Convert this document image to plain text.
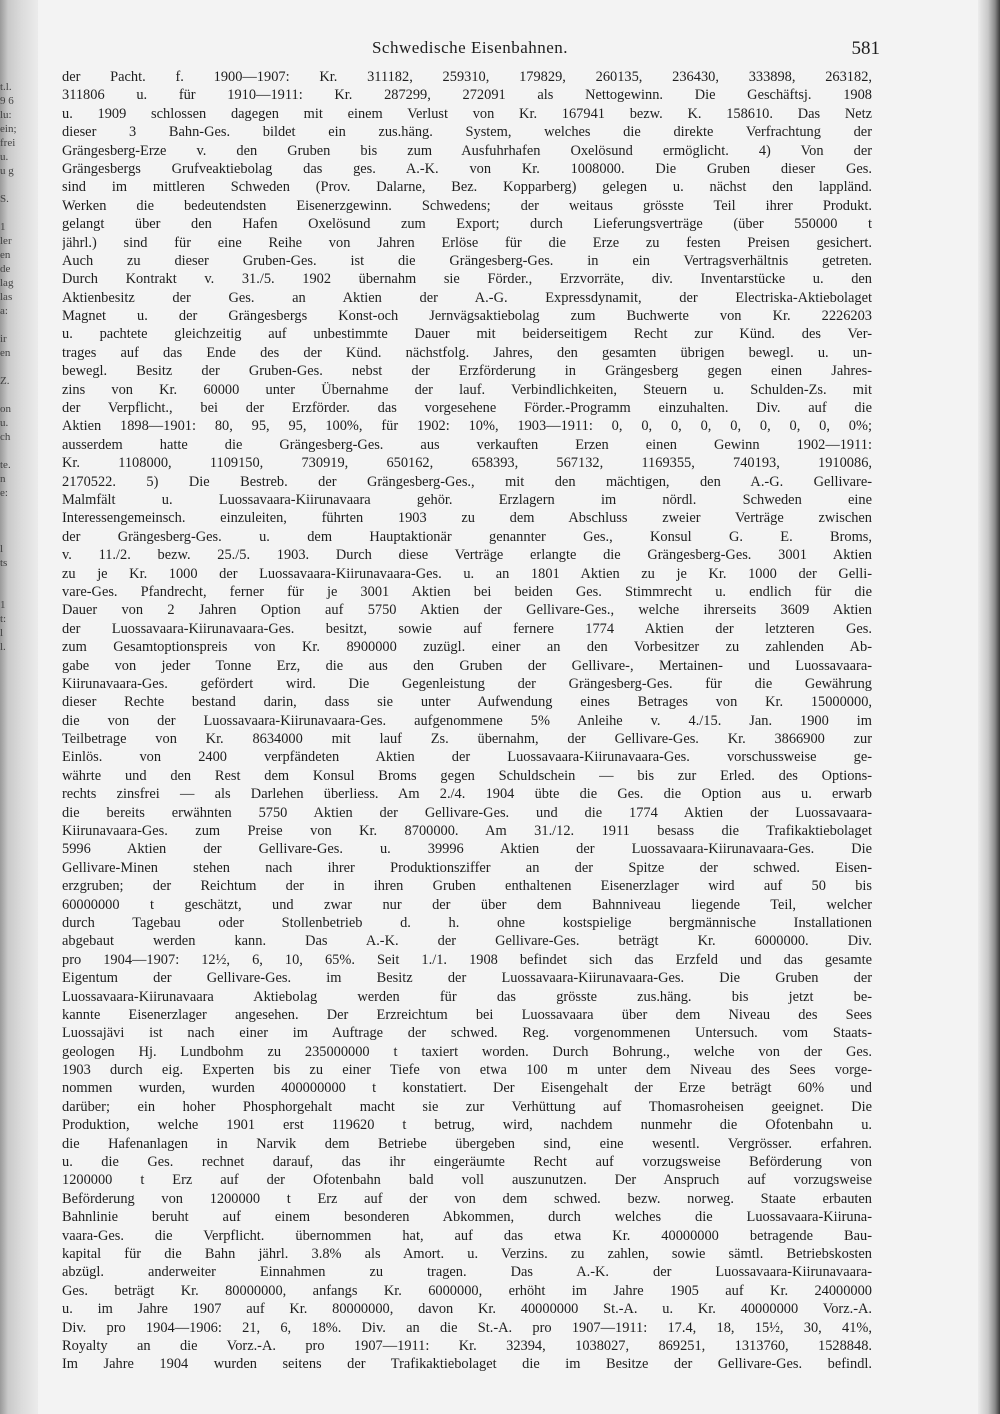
t.l.
9 6
lu:
ein;
frei
u.
u g
S.
1
ler
en
de
lag
las
a:
ir
en
Z.
on
u.
ch
te.
n
e:
l
ts
1
t:
l
l.
Schwedische Eisenbahnen.	581
der Pacht. f. 1900—1907: Kr. 311182, 259310, 179829, 260135, 236430, 333898, 263182,
311806 u. für 1910—1911: Kr. 287299, 272091 als Nettogewinn. Die Geschäftsj. 1908
u. 1909 schlossen dagegen mit einem Verlust von Kr. 167941 bezw. K. 158610. Das Netz
dieser 3 Bahn-Ges. bildet ein zus.häng. System, welches die direkte Verfrachtung der
Grängesberg-Erze v. den Gruben bis zum Ausfuhrhafen Oxelösund ermöglicht. 4) Von der
Grängesbergs Grufveaktiebolag das ges. A.-K. von Kr. 1008000. Die Gruben dieser Ges.
sind im mittleren Schweden (Prov. Dalarne, Bez. Kopparberg) gelegen u. nächst den lappländ.
Werken die bedeutendsten Eisenerzgewinn. Schwedens; der weitaus grösste Teil ihrer Produkt.
gelangt über den Hafen Oxelösund zum Export; durch Lieferungsverträge (über 550000 t
jährl.) sind für eine Reihe von Jahren Erlöse für die Erze zu festen Preisen gesichert.
Auch zu dieser Gruben-Ges. ist die Grängesberg-Ges. in ein Vertragsverhältnis getreten.
Durch Kontrakt v. 31./5. 1902 übernahm sie Förder., Erzvorräte, div. Inventarstücke u. den
Aktienbesitz der Ges. an Aktien der A.-G. Expressdynamit, der Electriska-Aktiebolaget
Magnet u. der Grängesbergs Konst-och Jernvägsaktiebolag zum Buchwerte von Kr. 2226203
u. pachtete gleichzeitig auf unbestimmte Dauer mit beiderseitigem Recht zur Künd. des Ver-
trages auf das Ende des der Künd. nächstfolg. Jahres, den gesamten übrigen bewegl. u. un-
bewegl. Besitz der Gruben-Ges. nebst der Erzförderung in Grängesberg gegen einen Jahres-
zins von Kr. 60000 unter Übernahme der lauf. Verbindlichkeiten, Steuern u. Schulden-Zs. mit
der Verpflicht., bei der Erzförder. das vorgesehene Förder.-Programm einzuhalten. Div. auf die
Aktien 1898—1901: 80, 95, 95, 100%, für 1902: 10%, 1903—1911: 0, 0, 0, 0, 0, 0, 0, 0, 0%;
ausserdem hatte die Grängesberg-Ges. aus verkauften Erzen einen Gewinn 1902—1911:
Kr. 1108000, 1109150, 730919, 650162, 658393, 567132, 1169355, 740193, 1910086,
2170522. 5) Die Bestreb. der Grängesberg-Ges., mit den mächtigen, den A.-G. Gellivare-
Malmfält u. Luossavaara-Kiirunavaara gehör. Erzlagern im nördl. Schweden eine
Interessengemeinsch. einzuleiten, führten 1903 zu dem Abschluss zweier Verträge zwischen
der Grängesberg-Ges. u. dem Hauptaktionär genannter Ges., Konsul G. E. Broms,
v. 11./2. bezw. 25./5. 1903. Durch diese Verträge erlangte die Grängesberg-Ges. 3001 Aktien
zu je Kr. 1000 der Luossavaara-Kiirunavaara-Ges. u. an 1801 Aktien zu je Kr. 1000 der Gelli-
vare-Ges. Pfandrecht, ferner für je 3001 Aktien bei beiden Ges. Stimmrecht u. endlich für die
Dauer von 2 Jahren Option auf 5750 Aktien der Gellivare-Ges., welche ihrerseits 3609 Aktien
der Luossavaara-Kiirunavaara-Ges. besitzt, sowie auf fernere 1774 Aktien der letzteren Ges.
zum Gesamtoptionspreis von Kr. 8900000 zuzügl. einer an den Vorbesitzer zu zahlenden Ab-
gabe von jeder Tonne Erz, die aus den Gruben der Gellivare-, Mertainen- und Luossavaara-
Kiirunavaara-Ges. gefördert wird. Die Gegenleistung der Grängesberg-Ges. für die Gewährung
dieser Rechte bestand darin, dass sie unter Aufwendung eines Betrages von Kr. 15000000,
die von der Luossavaara-Kiirunavaara-Ges. aufgenommene 5% Anleihe v. 4./15. Jan. 1900 im
Teilbetrage von Kr. 8634000 mit lauf Zs. übernahm, der Gellivare-Ges. Kr. 3866900 zur
Einlös. von 2400 verpfändeten Aktien der Luossavaara-Kiirunavaara-Ges. vorschussweise ge-
währte und den Rest dem Konsul Broms gegen Schuldschein — bis zur Erled. des Options-
rechts zinsfrei — als Darlehen überliess. Am 2./4. 1904 übte die Ges. die Option aus u. erwarb
die bereits erwähnten 5750 Aktien der Gellivare-Ges. und die 1774 Aktien der Luossavaara-
Kiirunavaara-Ges. zum Preise von Kr. 8700000. Am 31./12. 1911 besass die Trafikaktiebolaget
5996 Aktien der Gellivare-Ges. u. 39996 Aktien der Luossavaara-Kiirunavaara-Ges. Die
Gellivare-Minen stehen nach ihrer Produktionsziffer an der Spitze der schwed. Eisen-
erzgruben; der Reichtum der in ihren Gruben enthaltenen Eisenerzlager wird auf 50 bis
60000000 t geschätzt, und zwar nur der über dem Bahnniveau liegende Teil, welcher
durch Tagebau oder Stollenbetrieb d. h. ohne kostspielige bergmännische Installationen
abgebaut werden kann. Das A.-K. der Gellivare-Ges. beträgt Kr. 6000000. Div.
pro 1904—1907: 12½, 6, 10, 65%. Seit 1./1. 1908 befindet sich das Erzfeld und das gesamte
Eigentum der Gellivare-Ges. im Besitz der Luossavaara-Kiirunavaara-Ges. Die Gruben der
Luossavaara-Kiirunavaara Aktiebolag werden für das grösste zus.häng. bis jetzt be-
kannte Eisenerzlager angesehen. Der Erzreichtum bei Luossavaara über dem Niveau des Sees
Luossajävi ist nach einer im Auftrage der schwed. Reg. vorgenommenen Untersuch. vom Staats-
geologen Hj. Lundbohm zu 235000000 t taxiert worden. Durch Bohrung., welche von der Ges.
1903 durch eig. Experten bis zu einer Tiefe von etwa 100 m unter dem Niveau des Sees vorge-
nommen wurden, wurden 400000000 t konstatiert. Der Eisengehalt der Erze beträgt 60% und
darüber; ein hoher Phosphorgehalt macht sie zur Verhüttung auf Thomasroheisen geeignet. Die
Produktion, welche 1901 erst 119620 t betrug, wird, nachdem nunmehr die Ofotenbahn u.
die Hafenanlagen in Narvik dem Betriebe übergeben sind, eine wesentl. Vergrösser. erfahren.
u. die Ges. rechnet darauf, das ihr eingeräumte Recht auf vorzugsweise Beförderung von
1200000 t Erz auf der Ofotenbahn bald voll auszunutzen. Der Anspruch auf vorzugsweise
Beförderung von 1200000 t Erz auf der von dem schwed. bezw. norweg. Staate erbauten
Bahnlinie beruht auf einem besonderen Abkommen, durch welches die Luossavaara-Kiiruna-
vaara-Ges. die Verpflicht. übernommen hat, auf das etwa Kr. 40000000 betragende Bau-
kapital für die Bahn jährl. 3.8% als Amort. u. Verzins. zu zahlen, sowie sämtl. Betriebskosten
abzügl. anderweiter Einnahmen zu tragen. Das A.-K. der Luossavaara-Kiirunavaara-
Ges. beträgt Kr. 80000000, anfangs Kr. 6000000, erhöht im Jahre 1905 auf Kr. 24000000
u. im Jahre 1907 auf Kr. 80000000, davon Kr. 40000000 St.-A. u. Kr. 40000000 Vorz.-A.
Div. pro 1904—1906: 21, 6, 18%. Div. an die St.-A. pro 1907—1911: 17.4, 18, 15½, 30, 41%,
Royalty an die Vorz.-A. pro 1907—1911: Kr. 32394, 1038027, 869251, 1313760, 1528848.
Im Jahre 1904 wurden seitens der Trafikaktiebolaget die im Besitze der Gellivare-Ges. befindl.
